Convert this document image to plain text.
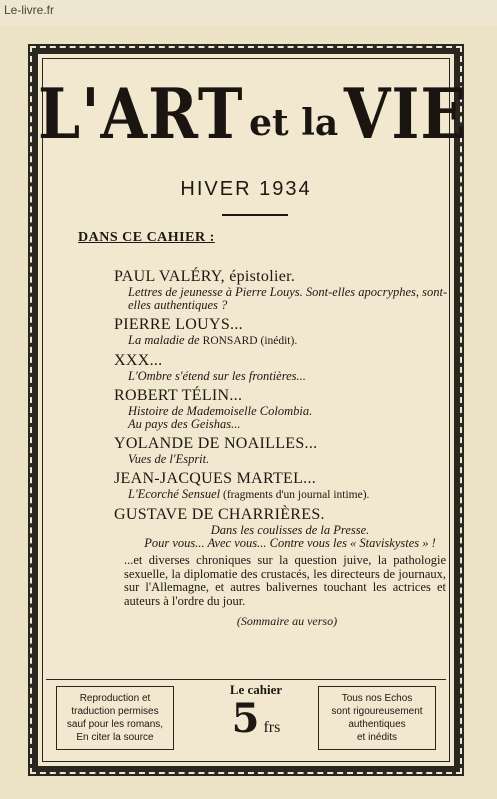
Le-livre.fr
L'ART et la VIE
HIVER 1934
DANS CE CAHIER :
PAUL VALÉRY, épistolier.
Lettres de jeunesse à Pierre Louys. Sont-elles apocryphes, sont-elles authentiques ?
PIERRE LOUYS...
La maladie de RONSARD (inédit).
XXX...
L'Ombre s'étend sur les frontières...
ROBERT TÉLIN...
Histoire de Mademoiselle Colombia.
Au pays des Geishas...
YOLANDE DE NOAILLES...
Vues de l'Esprit.
JEAN-JACQUES MARTEL...
L'Ecorché Sensuel (fragments d'un journal intime).
GUSTAVE DE CHARRIÈRES.
Dans les coulisses de la Presse.
Pour vous... Avec vous... Contre vous les « Staviskystes » !
...et diverses chroniques sur la question juive, la pathologie sexuelle, la diplomatie des crustacés, les directeurs de journaux, sur l'Allemagne, et autres balivernes touchant les actrices et auteurs à l'ordre du jour.
(Sommaire au verso)
Reproduction et
traduction permises
sauf pour les romans,
En citer la source
Le cahier
5 frs
Tous nos Echos
sont rigoureusement
authentiques
et inédits
